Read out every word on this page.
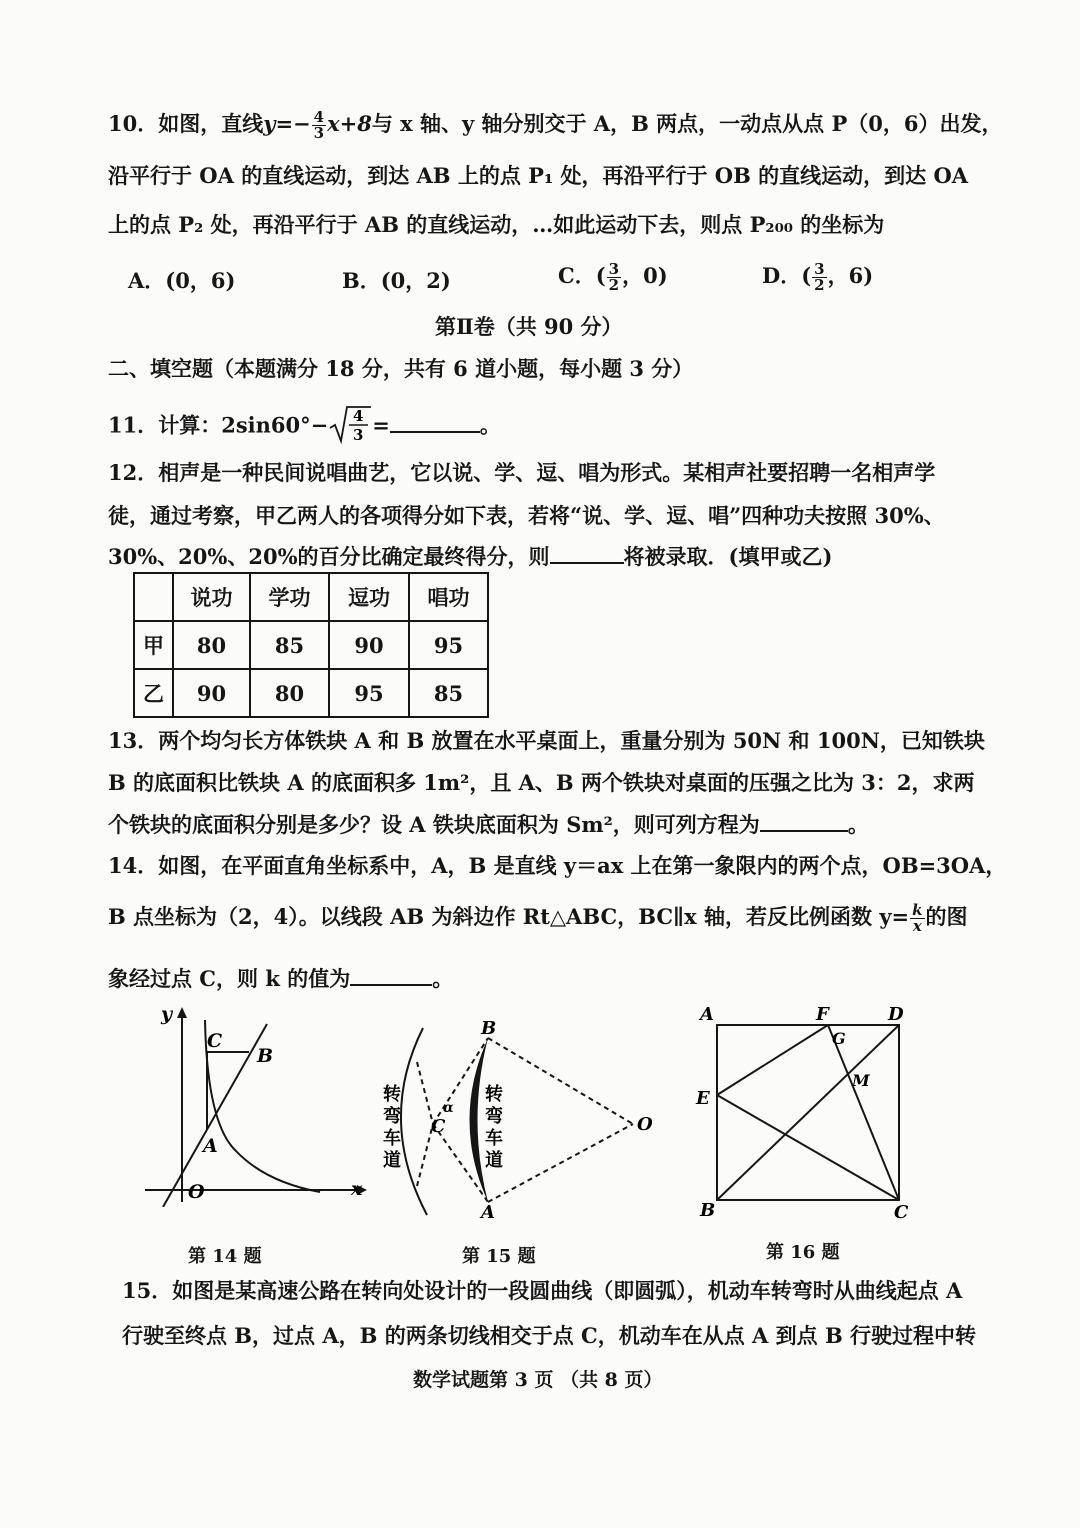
10．如图，直线$y=- \frac{4}{3} x+8$与 x 轴、y 轴分别交于 A，B 两点，一动点从点 P（0，6）出发，
沿平行于 OA 的直线运动，到达 AB 上的点 P₁ 处，再沿平行于 OB 的直线运动，到达 OA
上的点 P₂ 处，再沿平行于 AB 的直线运动，…如此运动下去，则点 P₂₀₀ 的坐标为
A．(0，6)	B．(0，2)	C．( $\frac{3}{2}$ ，0)	D．( $\frac{3}{2}$ ，6)
第Ⅱ卷（共 90 分）
二、填空题（本题满分 18 分，共有 6 道小题，每小题 3 分）
11．计算：2sin60°− 4
3 =	。
12．相声是一种民间说唱曲艺，它以说、学、逗、唱为形式。某相声社要招聘一名相声学
徒，通过考察，甲乙两人的各项得分如下表，若将“说、学、逗、唱”四种功夫按照 30%、
30%、20%、20%的百分比确定最终得分，则	将被录取．(填甲或乙)
	说功	学功	逗功	唱功
甲	80	85	90	95
乙	90	80	95	85
13．两个均匀长方体铁块 A 和 B 放置在水平桌面上，重量分别为 50N 和 100N，已知铁块
B 的底面积比铁块 A 的底面积多 1m²，且 A、B 两个铁块对桌面的压强之比为 3：2，求两
个铁块的底面积分别是多少？设 A 铁块底面积为 Sm²，则可列方程为	。
14．如图，在平面直角坐标系中，A，B 是直线 y＝ax 上在第一象限内的两个点，OB=3OA，
B 点坐标为（2，4）。以线段 AB 为斜边作 Rt△ABC，BC∥x 轴，若反比例函数 $y= \frac{k}{x}$ 的图
象经过点 C，则 k 的值为	。
y
x
O
A
B
C
第 14 题
B
A
C	O
α
转
弯
车
道
转
弯
车
道
第 15 题
A	F	D
G
M
E
B	C
第 16 题
15．如图是某高速公路在转向处设计的一段圆曲线（即圆弧），机动车转弯时从曲线起点 A
行驶至终点 B，过点 A，B 的两条切线相交于点 C，机动车在从点 A 到点 B 行驶过程中转
数学试题第 3 页 （共 8 页）
